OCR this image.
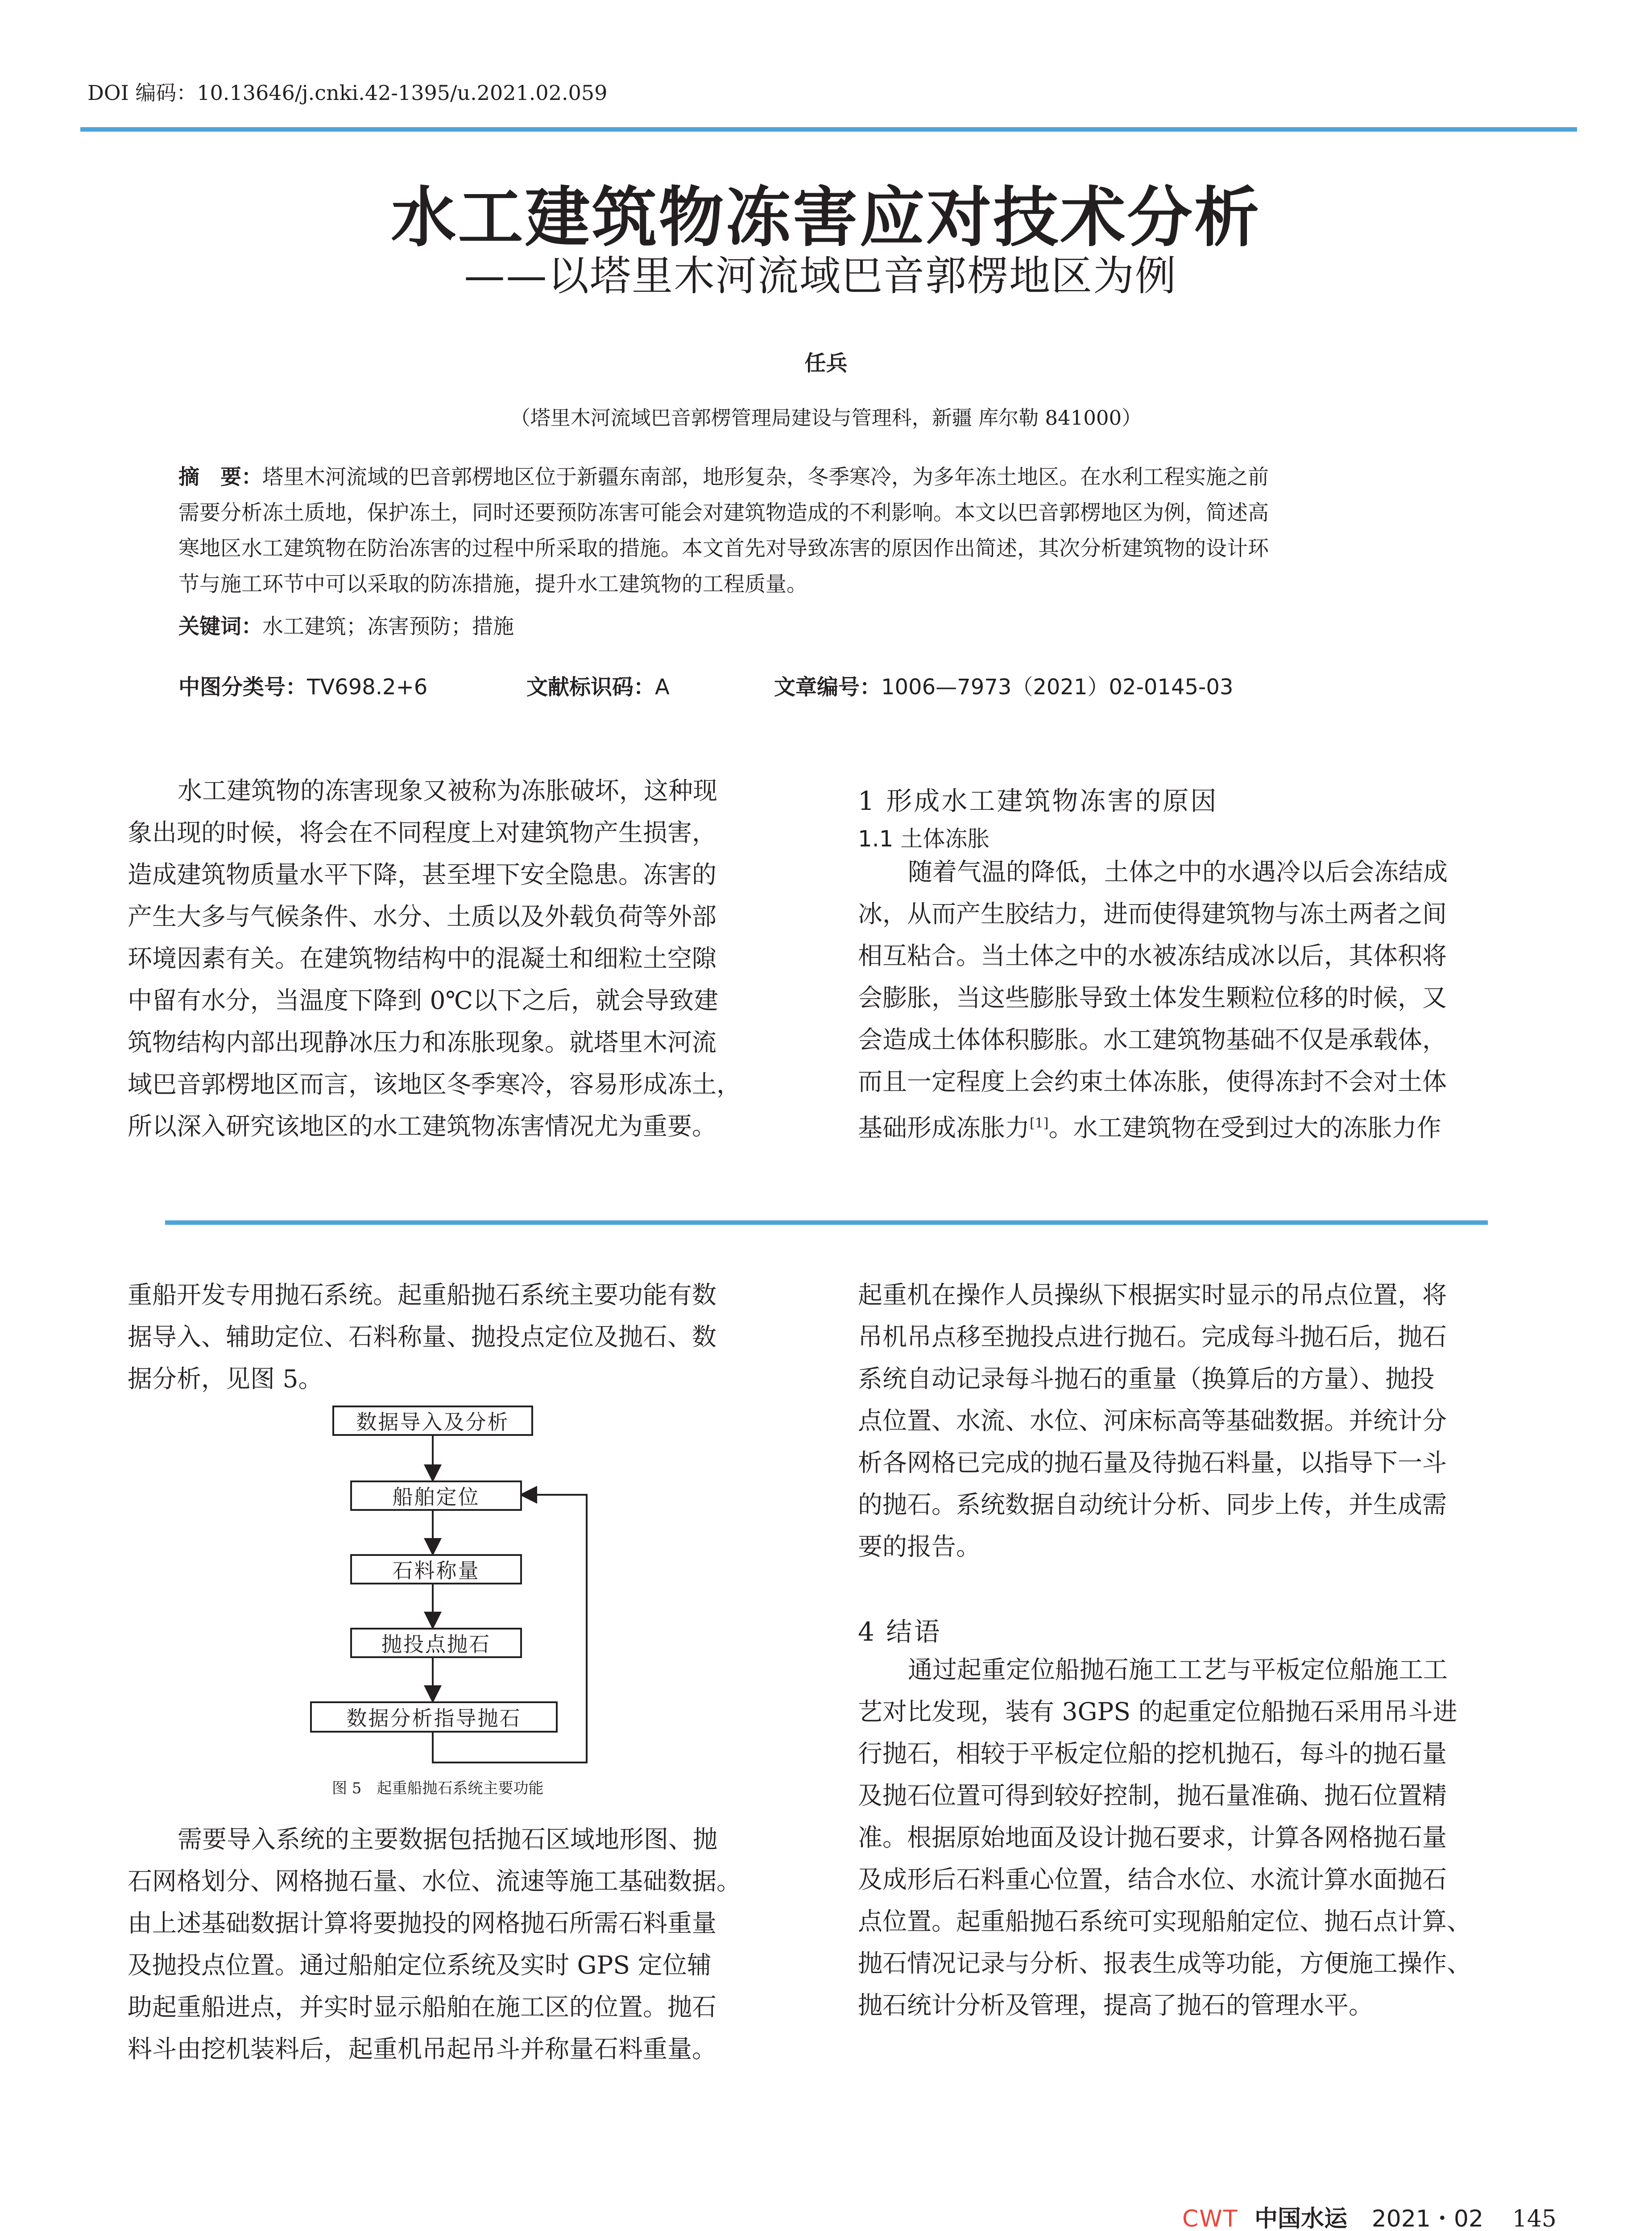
DOI 编码：10.13646/j.cnki.42-1395/u.2021.02.059
水工建筑物冻害应对技术分析
——以塔里木河流域巴音郭楞地区为例
任兵
（塔里木河流域巴音郭楞管理局建设与管理科，新疆 库尔勒 841000）
摘　要：塔里木河流域的巴音郭楞地区位于新疆东南部，地形复杂，冬季寒冷，为多年冻土地区。在水利工程实施之前
需要分析冻土质地，保护冻土，同时还要预防冻害可能会对建筑物造成的不利影响。本文以巴音郭楞地区为例，简述高
寒地区水工建筑物在防治冻害的过程中所采取的措施。本文首先对导致冻害的原因作出简述，其次分析建筑物的设计环
节与施工环节中可以采取的防冻措施，提升水工建筑物的工程质量。
关键词：水工建筑；冻害预防；措施
中图分类号：TV698.2+6	文献标识码：A	文章编号：1006—7973（2021）02-0145-03
水工建筑物的冻害现象又被称为冻胀破坏，这种现
象出现的时候，将会在不同程度上对建筑物产生损害，
造成建筑物质量水平下降，甚至埋下安全隐患。冻害的
产生大多与气候条件、水分、土质以及外载负荷等外部
环境因素有关。在建筑物结构中的混凝土和细粒土空隙
中留有水分，当温度下降到 0℃以下之后，就会导致建
筑物结构内部出现静冰压力和冻胀现象。就塔里木河流
域巴音郭楞地区而言，该地区冬季寒冷，容易形成冻土，
所以深入研究该地区的水工建筑物冻害情况尤为重要。
1 形成水工建筑物冻害的原因
1.1 土体冻胀
随着气温的降低，土体之中的水遇冷以后会冻结成
冰，从而产生胶结力，进而使得建筑物与冻土两者之间
相互粘合。当土体之中的水被冻结成冰以后，其体积将
会膨胀，当这些膨胀导致土体发生颗粒位移的时候，又
会造成土体体积膨胀。水工建筑物基础不仅是承载体，
而且一定程度上会约束土体冻胀，使得冻封不会对土体
基础形成冻胀力[1]。水工建筑物在受到过大的冻胀力作
重船开发专用抛石系统。起重船抛石系统主要功能有数
据导入、辅助定位、石料称量、抛投点定位及抛石、数
据分析，见图 5。
数据导入及分析
船舶定位
石料称量
抛投点抛石
数据分析指导抛石
图 5　起重船抛石系统主要功能
需要导入系统的主要数据包括抛石区域地形图、抛
石网格划分、网格抛石量、水位、流速等施工基础数据。
由上述基础数据计算将要抛投的网格抛石所需石料重量
及抛投点位置。通过船舶定位系统及实时 GPS 定位辅
助起重船进点，并实时显示船舶在施工区的位置。抛石
料斗由挖机装料后，起重机吊起吊斗并称量石料重量。
起重机在操作人员操纵下根据实时显示的吊点位置，将
吊机吊点移至抛投点进行抛石。完成每斗抛石后，抛石
系统自动记录每斗抛石的重量（换算后的方量）、抛投
点位置、水流、水位、河床标高等基础数据。并统计分
析各网格已完成的抛石量及待抛石料量，以指导下一斗
的抛石。系统数据自动统计分析、同步上传，并生成需
要的报告。
4 结语
通过起重定位船抛石施工工艺与平板定位船施工工
艺对比发现，装有 3GPS 的起重定位船抛石采用吊斗进
行抛石，相较于平板定位船的挖机抛石，每斗的抛石量
及抛石位置可得到较好控制，抛石量准确、抛石位置精
准。根据原始地面及设计抛石要求，计算各网格抛石量
及成形后石料重心位置，结合水位、水流计算水面抛石
点位置。起重船抛石系统可实现船舶定位、抛石点计算、
抛石情况记录与分析、报表生成等功能，方便施工操作、
抛石统计分析及管理，提高了抛石的管理水平。
CWT 中国水运 2021・02 145
